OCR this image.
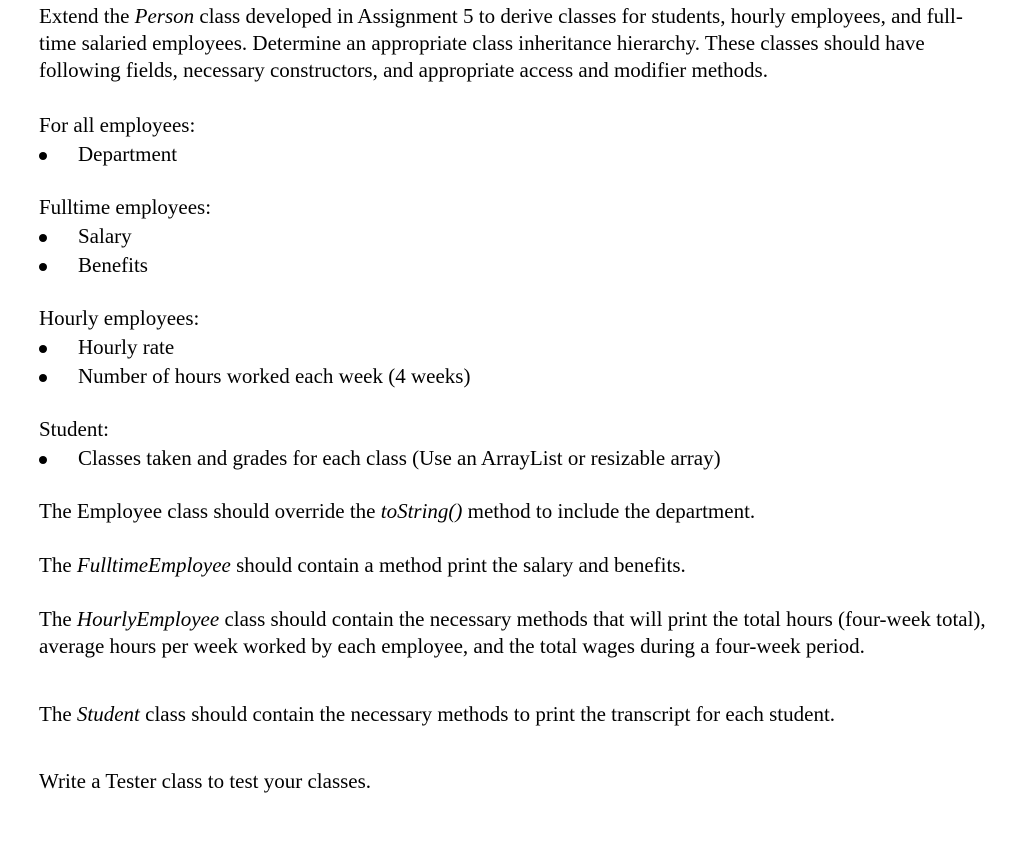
Extend the Person class developed in Assignment 5 to derive classes for students, hourly employees, and full-time salaried employees. Determine an appropriate class inheritance hierarchy. These classes should have following fields, necessary constructors, and appropriate access and modifier methods.

For all employees:

Department

Fulltime employees:

Salary
Benefits

Hourly employees:

Hourly rate
Number of hours worked each week (4 weeks)

Student:

Classes taken and grades for each class (Use an ArrayList or resizable array)

The Employee class should override the toString() method to include the department.

The FulltimeEmployee should contain a method print the salary and benefits.

The HourlyEmployee class should contain the necessary methods that will print the total hours (four-week total), average hours per week worked by each employee, and the total wages during a four-week period.

The Student class should contain the necessary methods to print the transcript for each student.

Write a Tester class to test your classes.
